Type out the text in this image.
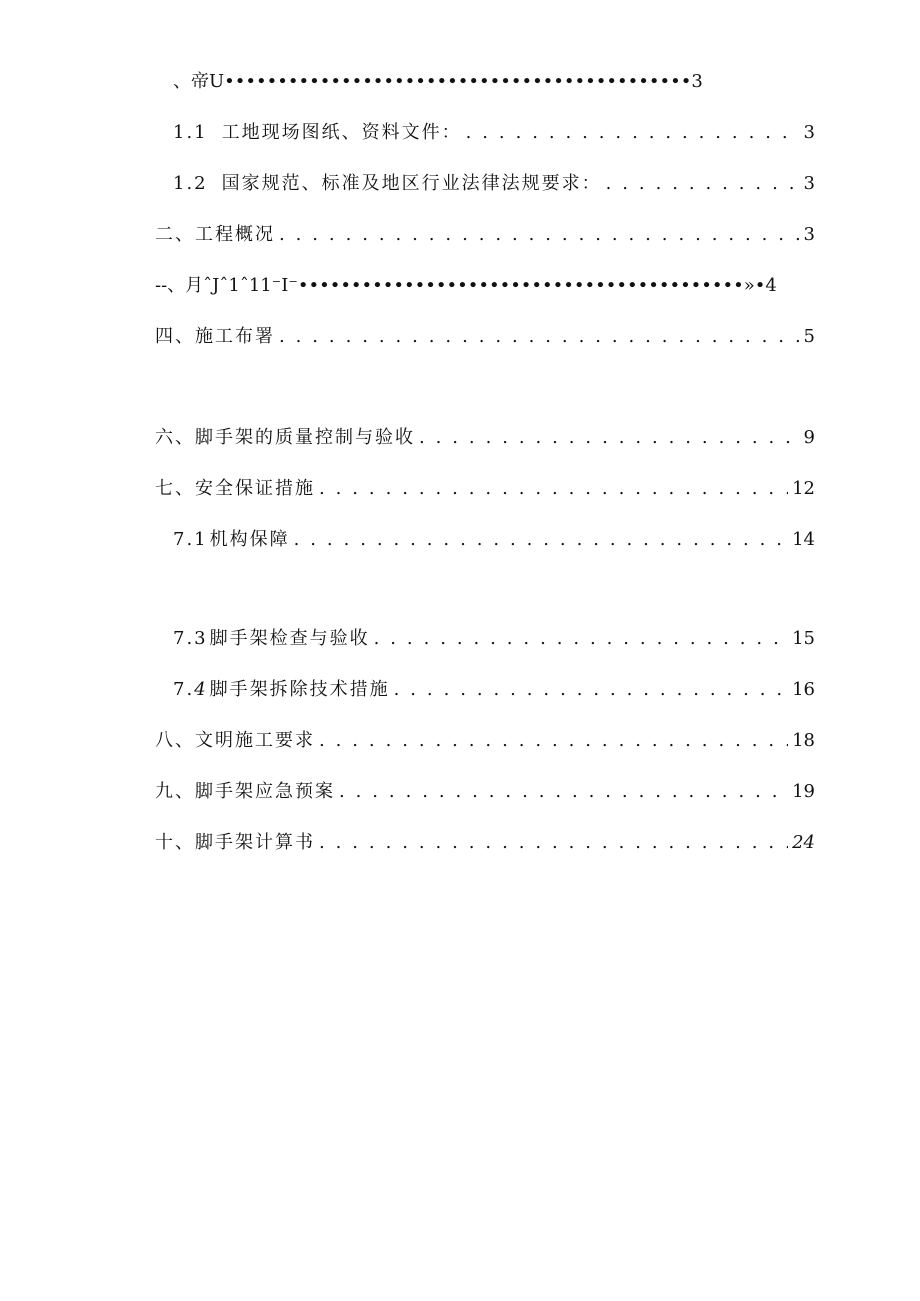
、帝U••••••••••••••••••••••••••••••••••••••••••••3
1.1 工地现场图纸、资料文件： . . .	3
1.2 国家规范、标准及地区行业法律法规要求： . . .	3
二、工程概况 . . .	3
--、月ˆJˆ1ˆ11⁻I⁻••••••••••••••••••••••••••••••••••••••••••»•4
四、施工布署 . . .	5
六、脚手架的质量控制与验收 . . .	9
七、安全保证措施 . . .	12
7.1 机构保障 . . .	14
7.3 脚手架检查与验收 . . .	15
7.4 脚手架拆除技术措施 . . .	16
八、文明施工要求 . . .	18
九、脚手架应急预案 . . .	19
十、脚手架计算书 . . .	24
